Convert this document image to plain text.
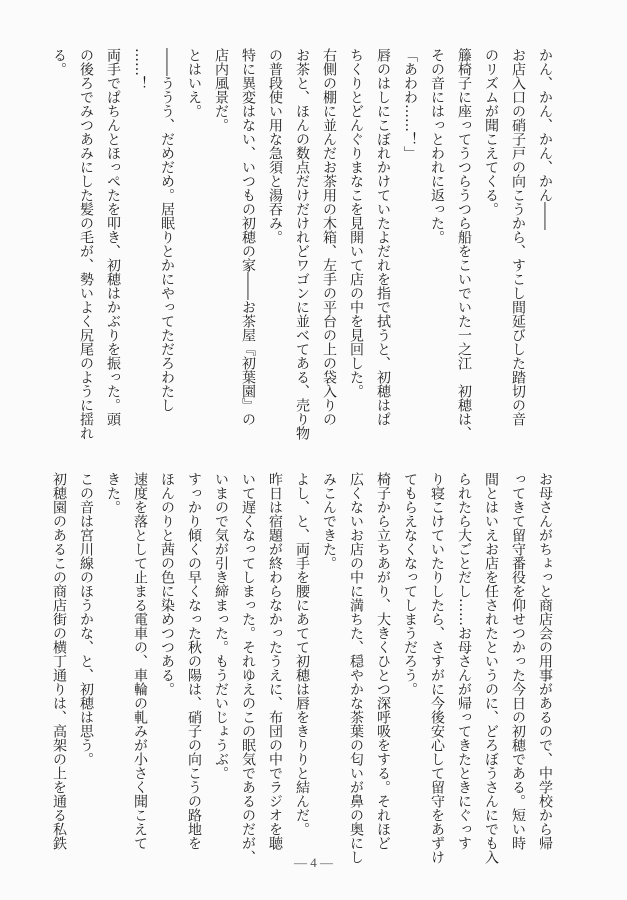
かん、かん、かん、かん――

お店入口の硝子戸の向こうから、すこし間延びした踏切の音

のリズムが聞こえてくる。

籐椅子に座ってうつらうつら船をこいでいた一之江　初穂は、

その音にはっとわれに返った。

「あわわ……！」

唇のはしにこぼれかけていたよだれを指で拭うと、初穂はぱ

ちくりとどんぐりまなこを見開いて店の中を見回した。

右側の棚に並んだお茶用の木箱、左手の平台の上の袋入りの

お茶と、ほんの数点だけだけれどワゴンに並べてある、売り物

の普段使い用な急須と湯吞み。

特に異変はない、いつもの初穂の家――お茶屋『初葉園』の

店内風景だ。

とはいえ。

――ううう、だめだめ。居眠りとかにやってただろわたし

……！

両手でぱちんとほっぺたを叩き、初穂はかぶりを振った。頭

の後ろでみつあみにした髪の毛が、勢いよく尻尾のように揺れ

る。

お母さんがちょっと商店会の用事があるので、中学校から帰

ってきて留守番役を仰せつかった今日の初穂である。短い時

間とはいえお店を任されたというのに、どろぼうさんにでも入

られたら大ごとだし……お母さんが帰ってきたときにぐっす

り寝こけていたりしたら、さすがに今後安心して留守をあずけ

てもらえなくなってしまうだろう。

椅子から立ちあがり、大きくひとつ深呼吸をする。それほど

広くないお店の中に満ちた、穏やかな茶葉の匂いが鼻の奥にし

みこんできた。

よし、と、両手を腰にあてて初穂は唇をきりりと結んだ。

昨日は宿題が終わらなかったうえに、布団の中でラジオを聴

いて遅くなってしまった。それゆえのこの眠気であるのだが、

いまので気が引き締まった。もうだいじょうぶ。

すっかり傾くの早くなった秋の陽は、硝子の向こうの路地を

ほんのりと茜の色に染めつつある。

速度を落として止まる電車の、車輪の軋みが小さく聞こえて

きた。

この音は宮川線のほうかな、と、初穂は思う。

初穂園のあるこの商店街の横丁通りは、高架の上を通る私鉄

— 4 —
